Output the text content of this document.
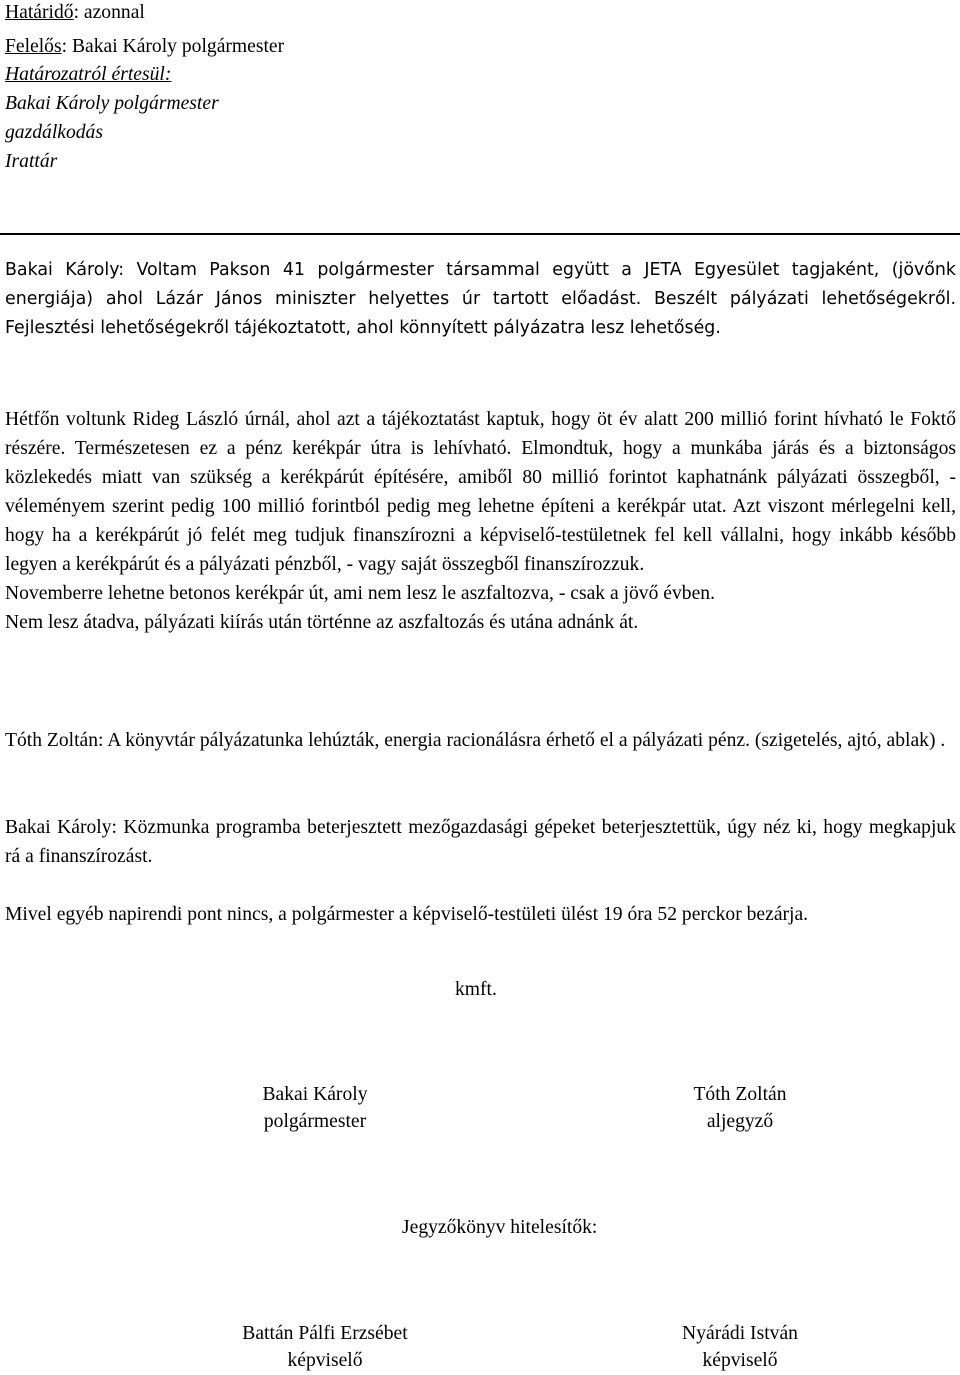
Határidő: azonnal
Felelős: Bakai Károly polgármester
Határozatról értesül:
Bakai Károly polgármester
gazdálkodás
Irattár

Bakai Károly: Voltam Pakson 41 polgármester társammal együtt a JETA Egyesület tagjaként, (jövőnk energiája) ahol Lázár János miniszter helyettes úr tartott előadást. Beszélt pályázati lehetőségekről. Fejlesztési lehetőségekről tájékoztatott, ahol könnyített pályázatra lesz lehetőség.

Hétfőn voltunk Rideg László úrnál, ahol azt a tájékoztatást kaptuk, hogy öt év alatt 200 millió forint hívható le Foktő részére. Természetesen ez a pénz kerékpár útra is lehívható. Elmondtuk, hogy a munkába járás és a biztonságos közlekedés miatt van szükség a kerékpárút építésére, amiből 80 millió forintot kaphatnánk pályázati összegből, - véleményem szerint pedig 100 millió forintból pedig meg lehetne építeni a kerékpár utat. Azt viszont mérlegelni kell, hogy ha a kerékpárút jó felét meg tudjuk finanszírozni a képviselő-testületnek fel kell vállalni, hogy inkább később legyen a kerékpárút és a pályázati pénzből, - vagy saját összegből finanszírozzuk.

Novemberre lehetne betonos kerékpár út, ami nem lesz le aszfaltozva, - csak a jövő évben.

Nem lesz átadva, pályázati kiírás után történne az aszfaltozás és utána adnánk át.

Tóth Zoltán: A könyvtár pályázatunka lehúzták, energia racionálásra érhető el a pályázati pénz. (szigetelés, ajtó, ablak) .

Bakai Károly: Közmunka programba beterjesztett mezőgazdasági gépeket beterjesztettük, úgy néz ki, hogy megkapjuk rá a finanszírozást.

Mivel egyéb napirendi pont nincs, a polgármester a képviselő-testületi ülést 19 óra 52 perckor bezárja.

kmft.
Bakai Károly
polgármester
Tóth Zoltán
aljegyző
Jegyzőkönyv hitelesítők:
Battán Pálfi Erzsébet
képviselő
Nyárádi István
képviselő
